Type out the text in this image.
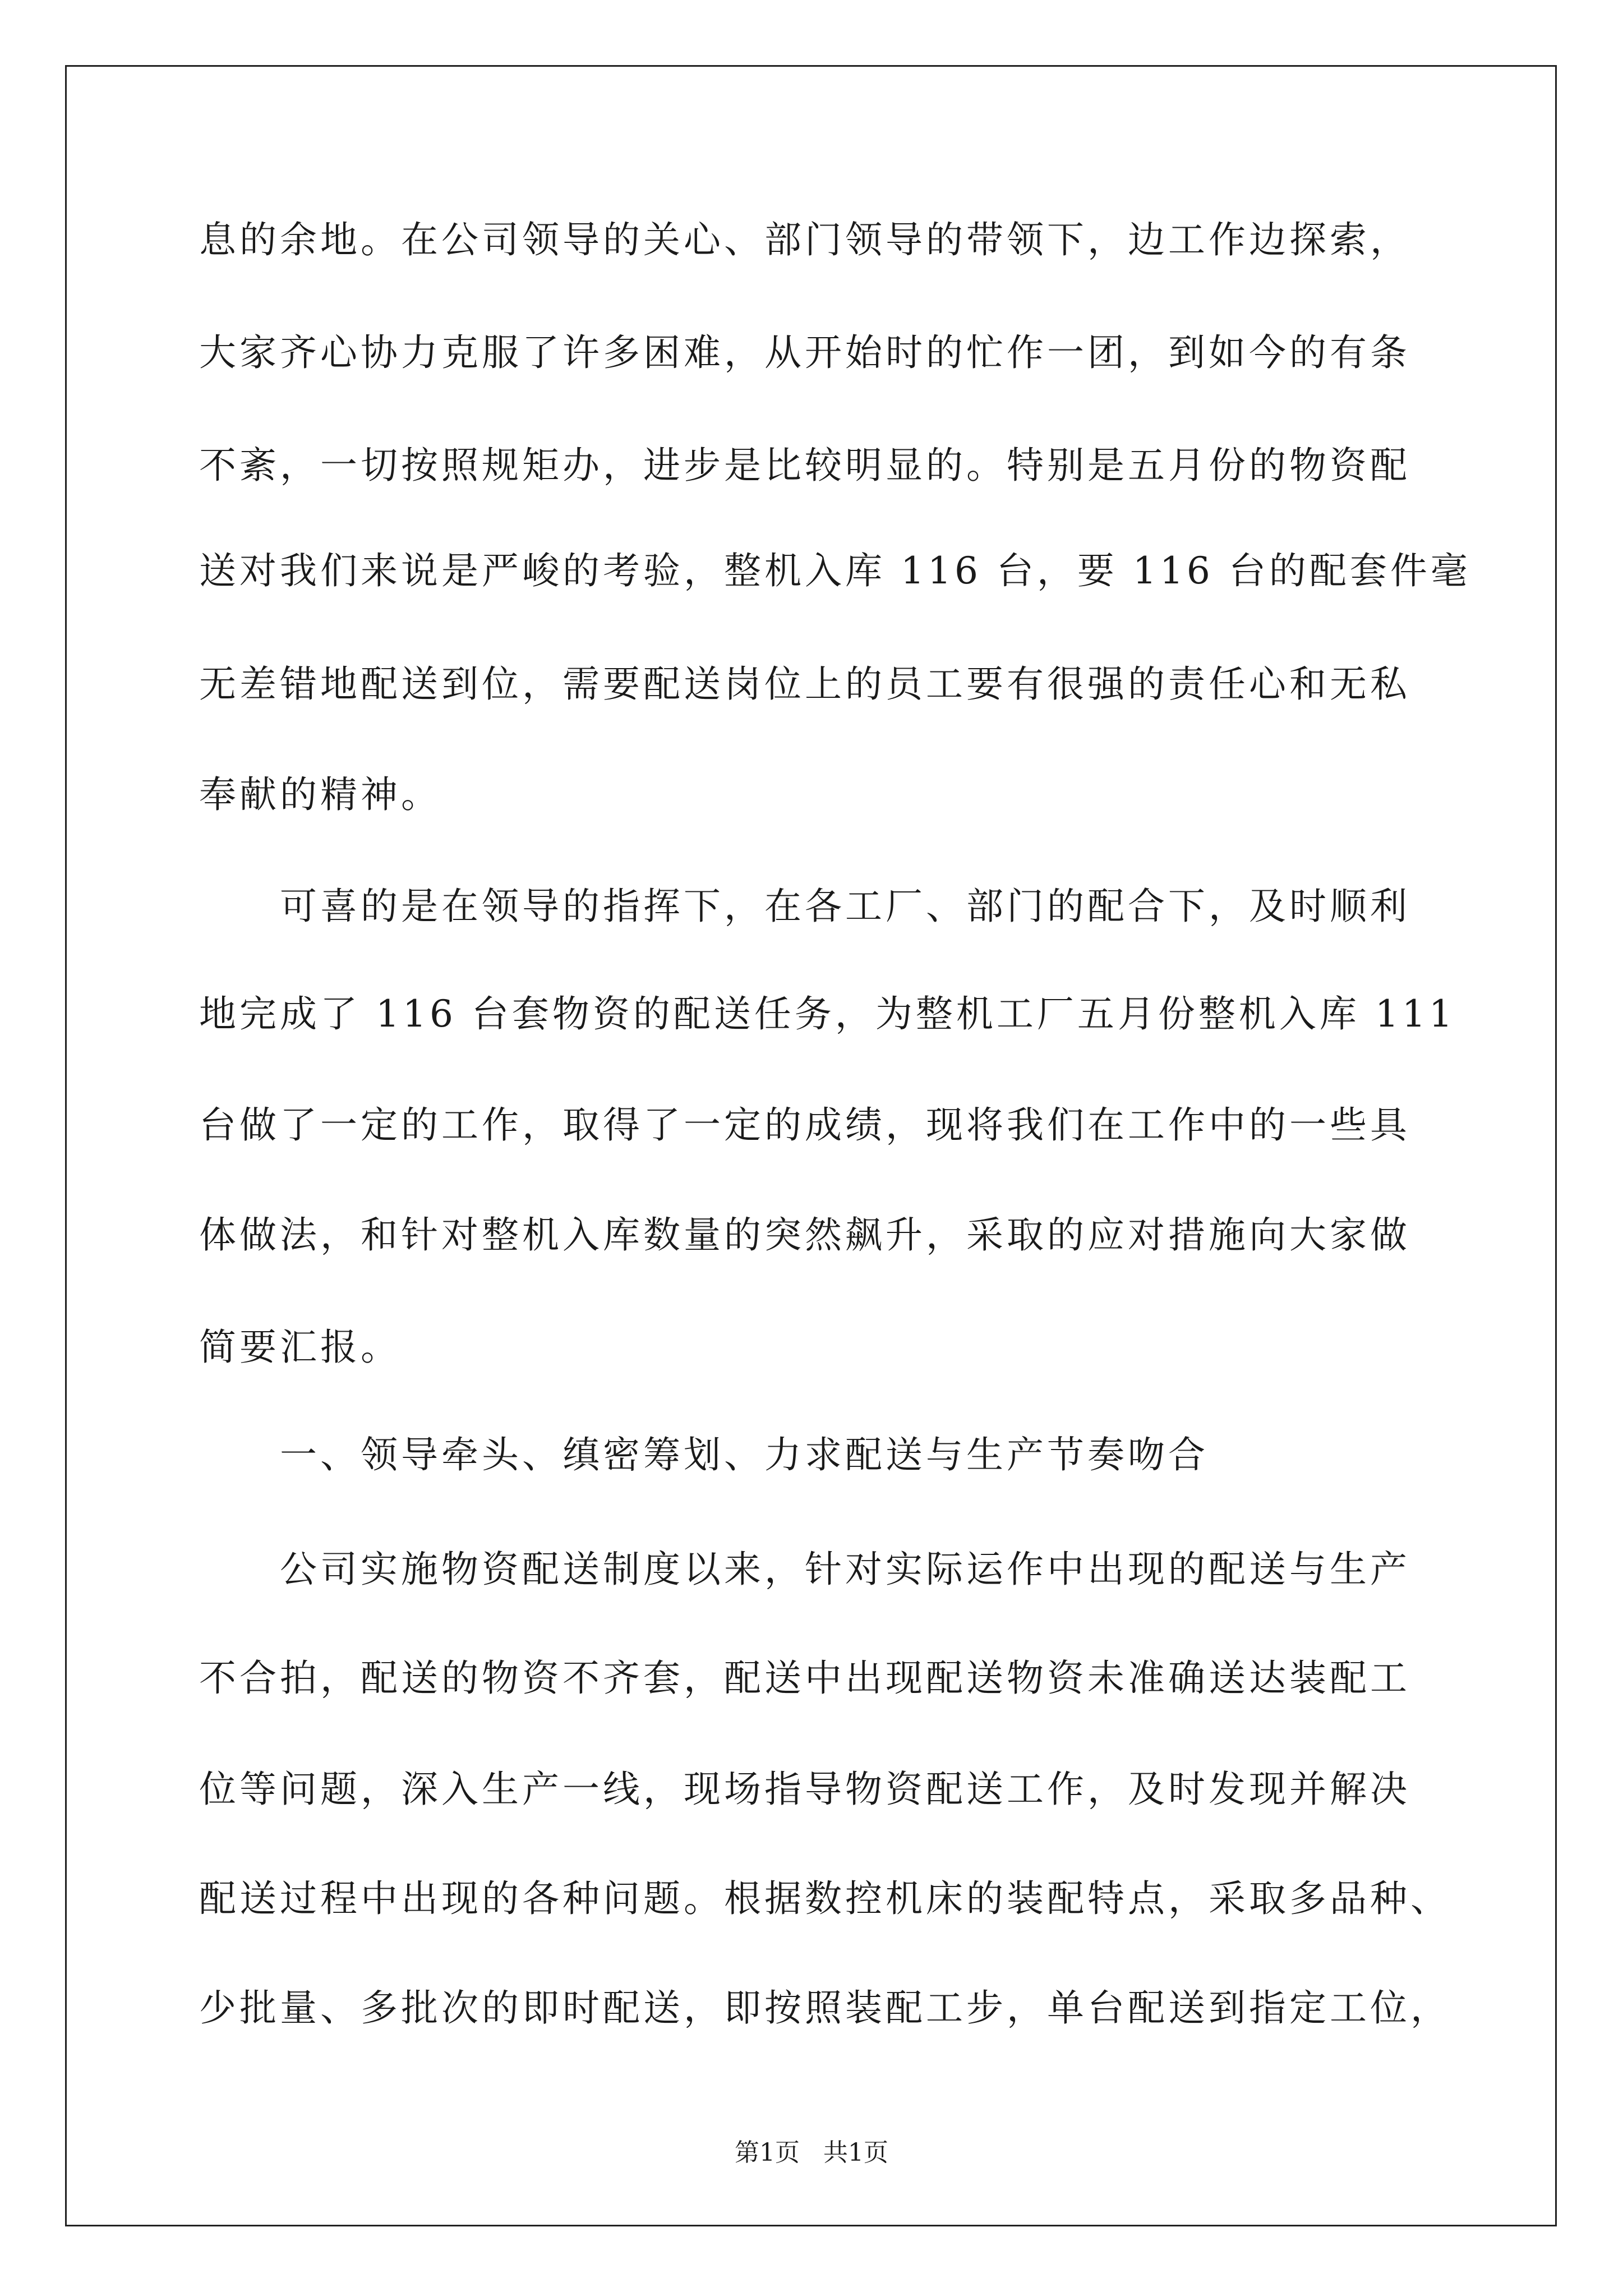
息的余地。在公司领导的关心、部门领导的带领下，边工作边探索，
大家齐心协力克服了许多困难，从开始时的忙作一团，到如今的有条
不紊，一切按照规矩办，进步是比较明显的。特别是五月份的物资配
送对我们来说是严峻的考验，整机入库 116 台，要 116 台的配套件毫
无差错地配送到位，需要配送岗位上的员工要有很强的责任心和无私
奉献的精神。
　　可喜的是在领导的指挥下，在各工厂、部门的配合下，及时顺利
地完成了 116 台套物资的配送任务，为整机工厂五月份整机入库 111
台做了一定的工作，取得了一定的成绩，现将我们在工作中的一些具
体做法，和针对整机入库数量的突然飙升，采取的应对措施向大家做
简要汇报。
　　一、领导牵头、缜密筹划、力求配送与生产节奏吻合
　　公司实施物资配送制度以来，针对实际运作中出现的配送与生产
不合拍，配送的物资不齐套，配送中出现配送物资未准确送达装配工
位等问题，深入生产一线，现场指导物资配送工作，及时发现并解决
配送过程中出现的各种问题。根据数控机床的装配特点，采取多品种、
少批量、多批次的即时配送，即按照装配工步，单台配送到指定工位，
第1页   共1页
